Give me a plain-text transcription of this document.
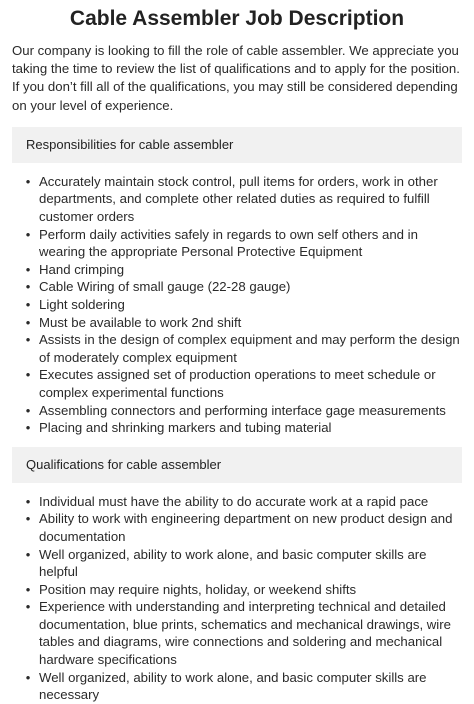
Cable Assembler Job Description

Our company is looking to fill the role of cable assembler. We appreciate you taking the time to review the list of qualifications and to apply for the position. If you don’t fill all of the qualifications, you may still be considered depending on your level of experience.

Responsibilities for cable assembler
• Accurately maintain stock control, pull items for orders, work in other departments, and complete other related duties as required to fulfill customer orders
• Perform daily activities safely in regards to own self others and in wearing the appropriate Personal Protective Equipment
• Hand crimping
• Cable Wiring of small gauge (22-28 gauge)
• Light soldering
• Must be available to work 2nd shift
• Assists in the design of complex equipment and may perform the design of moderately complex equipment
• Executes assigned set of production operations to meet schedule or complex experimental functions
• Assembling connectors and performing interface gage measurements
• Placing and shrinking markers and tubing material
Qualifications for cable assembler
• Individual must have the ability to do accurate work at a rapid pace
• Ability to work with engineering department on new product design and documentation
• Well organized, ability to work alone, and basic computer skills are helpful
• Position may require nights, holiday, or weekend shifts
• Experience with understanding and interpreting technical and detailed documentation, blue prints, schematics and mechanical drawings, wire tables and diagrams, wire connections and soldering and mechanical hardware specifications
• Well organized, ability to work alone, and basic computer skills are necessary
